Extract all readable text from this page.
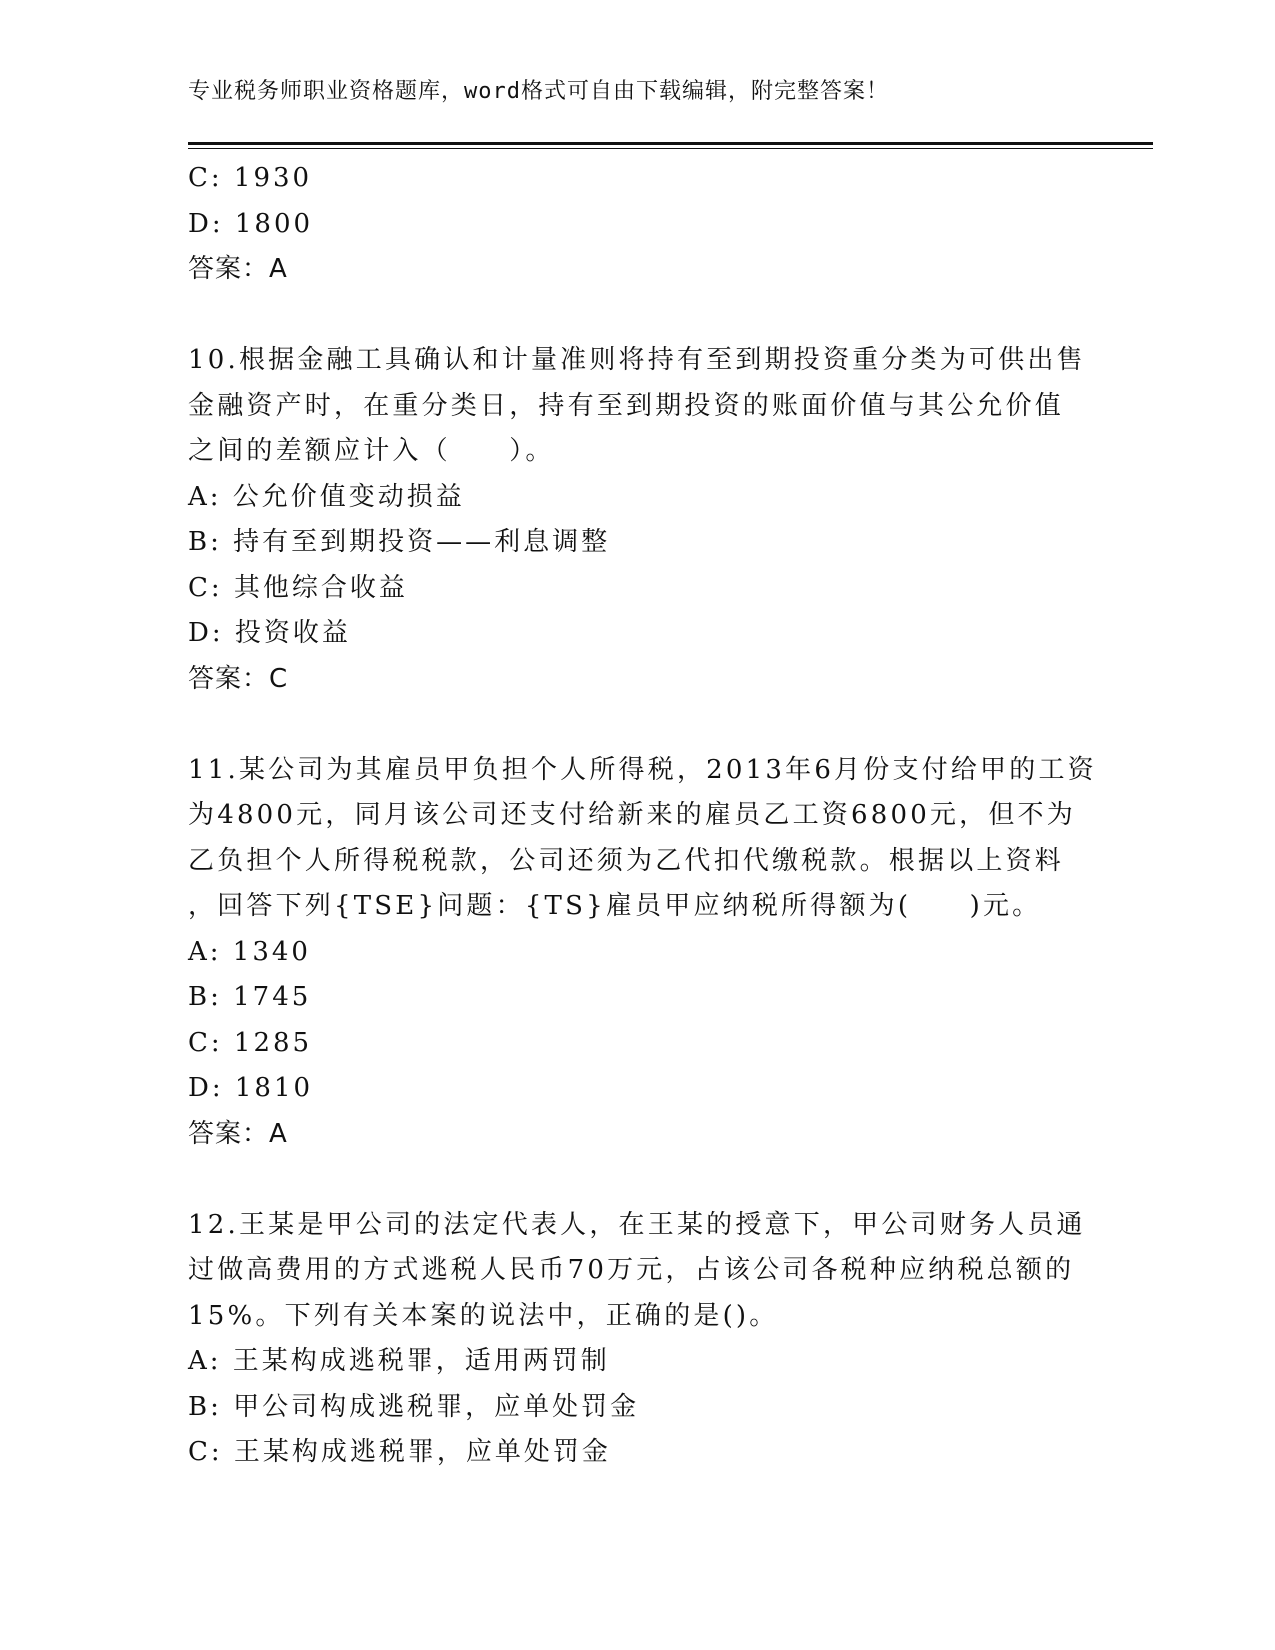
专业税务师职业资格题库，word格式可自由下载编辑，附完整答案！
C: 1930
D: 1800
答案：A
10.根据金融工具确认和计量准则将持有至到期投资重分类为可供出售
金融资产时，在重分类日，持有至到期投资的账面价值与其公允价值
之间的差额应计入（　　）。
A: 公允价值变动损益
B: 持有至到期投资——利息调整
C: 其他综合收益
D: 投资收益
答案：C
11.某公司为其雇员甲负担个人所得税，2013年6月份支付给甲的工资
为4800元，同月该公司还支付给新来的雇员乙工资6800元，但不为
乙负担个人所得税税款，公司还须为乙代扣代缴税款。根据以上资料
，回答下列{TSE}问题：{TS}雇员甲应纳税所得额为(　　)元。
A: 1340
B: 1745
C: 1285
D: 1810
答案：A
12.王某是甲公司的法定代表人，在王某的授意下，甲公司财务人员通
过做高费用的方式逃税人民币70万元，占该公司各税种应纳税总额的
15%。下列有关本案的说法中，正确的是()。
A: 王某构成逃税罪，适用两罚制
B: 甲公司构成逃税罪，应单处罚金
C: 王某构成逃税罪，应单处罚金
